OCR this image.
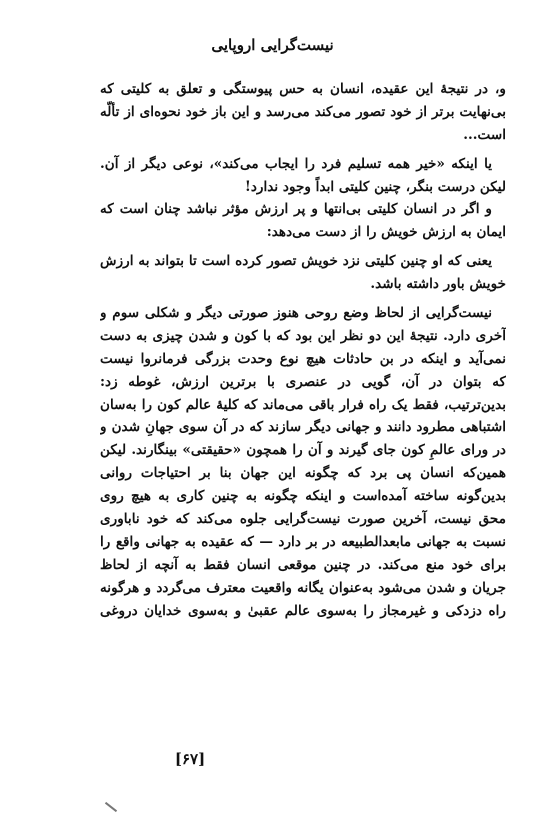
نیست‌گرایی اروپایی
و، در نتیجهٔ این عقیده، انسان به حس پیوستگی و تعلق به کلیتی که
بی‌نهایت برتر از خود تصور می‌کند می‌رسد و این باز خود نحوه‌ای از تألّه
است...
یا اینکه «خیر همه تسلیم فرد را ایجاب می‌کند»، نوعی دیگر از آن.
لیکن درست بنگر، چنین کلیتی ابداً وجود ندارد!
و اگر در انسان کلیتی بی‌انتها و پر ارزش مؤثر نباشد چنان است که
ایمان به ارزش خویش را از دست می‌دهد:
یعنی که او چنین کلیتی نزد خویش تصور کرده است تا بتواند به ارزش
خویش باور داشته باشد.
نیست‌گرایی از لحاظ وضع روحی هنوز صورتی دیگر و شکلی سوم و
آخری دارد. نتیجهٔ این دو نظر این بود که با کون و شدن چیزی به دست
نمی‌آید و اینکه در بن حادثات هیچ نوع وحدت بزرگی فرمانروا نیست
که بتوان در آن، گویی در عنصری با برترین ارزش، غوطه زد:
بدین‌ترتیب، فقط یک راه فرار باقی می‌ماند که کلیهٔ عالم کون را به‌سان
اشتباهی مطرود دانند و جهانی دیگر سازند که در آن سوی جهانِ شدن و
در ورای عالمِ کون جای گیرند و آن را همچون «حقیقتی» بینگارند. لیکن
همین‌که انسان پی برد که چگونه این جهان بنا بر احتیاجات روانی
بدین‌گونه ساخته آمده‌است و اینکه چگونه به چنین کاری به هیچ روی
محق نیست، آخرین صورت نیست‌گرایی جلوه می‌کند که خود ناباوری
نسبت به جهانی مابعدالطبیعه در بر دارد — که عقیده به جهانی واقع را
برای خود منع می‌کند. در چنین موقعی انسان فقط به آنچه از لحاظ
جریان و شدن می‌شود به‌عنوان یگانه واقعیت معترف می‌گردد و هرگونه
راه دزدکی و غیرمجاز را به‌سوی عالم عقبیٰ و به‌سوی خدایان دروغی
[۶۷]
